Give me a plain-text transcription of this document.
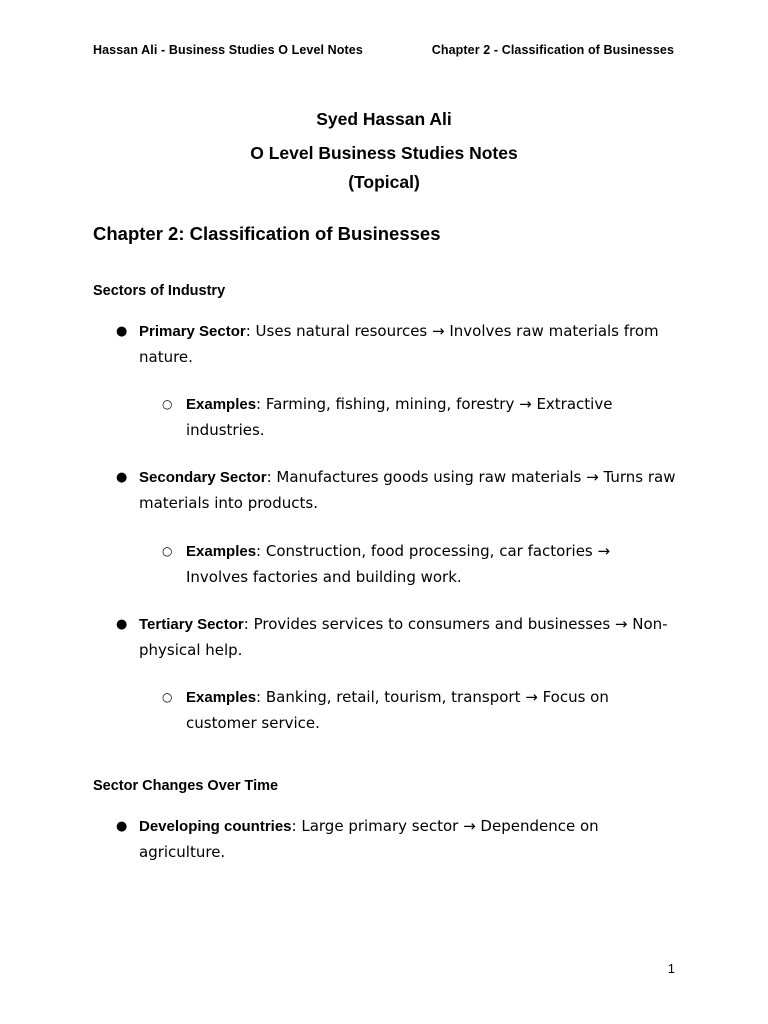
Hassan Ali - Business Studies O Level Notes	Chapter 2 - Classification of Businesses
Syed Hassan Ali
O Level Business Studies Notes
(Topical)
Chapter 2: Classification of Businesses
Sectors of Industry
● Primary Sector: Uses natural resources → Involves raw materials from nature.
○ Examples: Farming, fishing, mining, forestry → Extractive industries.
● Secondary Sector: Manufactures goods using raw materials → Turns raw materials into products.
○ Examples: Construction, food processing, car factories → Involves factories and building work.
● Tertiary Sector: Provides services to consumers and businesses → Non-physical help.
○ Examples: Banking, retail, tourism, transport → Focus on customer service.
Sector Changes Over Time
● Developing countries: Large primary sector → Dependence on agriculture.
1
